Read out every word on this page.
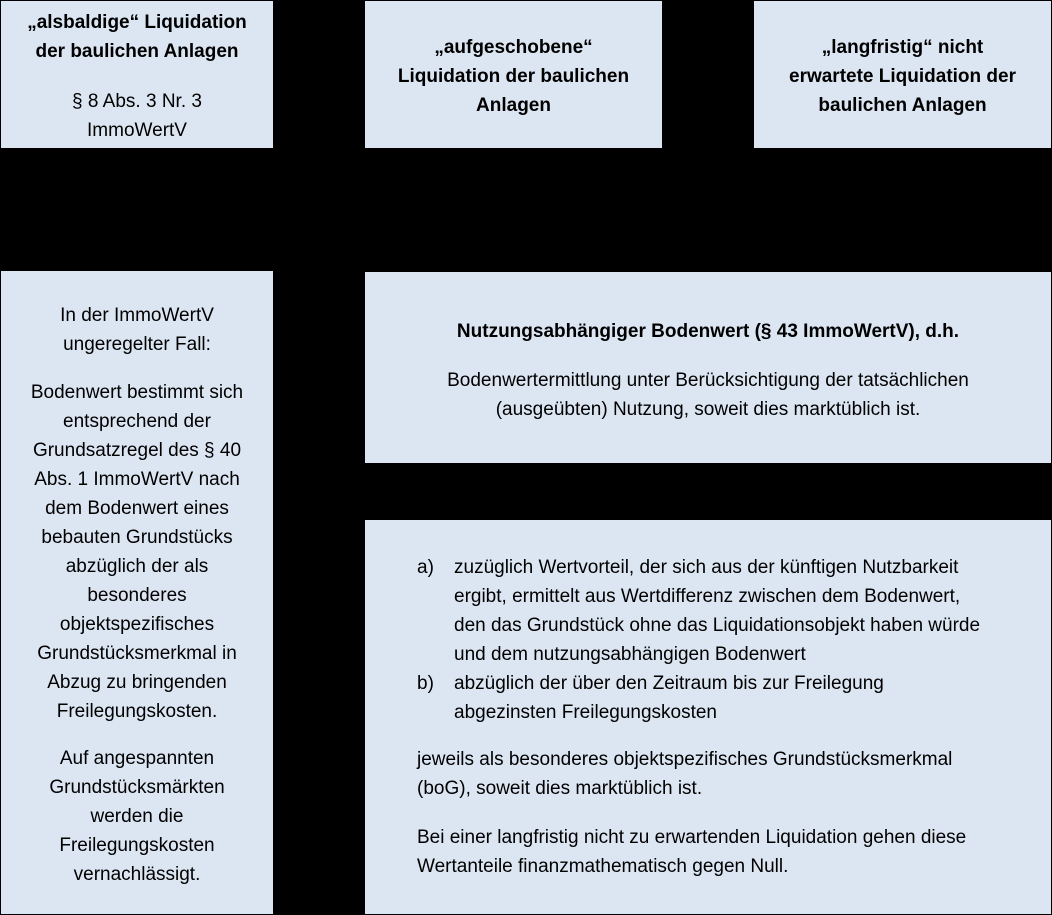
„alsbaldige“ Liquidation

der baulichen Anlagen

§ 8 Abs. 3 Nr. 3

ImmoWertV

„aufgeschobene“

Liquidation der baulichen

Anlagen

„langfristig“ nicht

erwartete Liquidation der

baulichen Anlagen

In der ImmoWertV

ungeregelter Fall:

Bodenwert bestimmt sich

entsprechend der

Grundsatzregel des § 40

Abs. 1 ImmoWertV nach

dem Bodenwert eines

bebauten Grundstücks

abzüglich der als

besonderes

objektspezifisches

Grundstücksmerkmal in

Abzug zu bringenden

Freilegungskosten.

Auf angespannten

Grundstücksmärkten

werden die

Freilegungskosten

vernachlässigt.

Nutzungsabhängiger Bodenwert (§ 43 ImmoWertV), d.h.

Bodenwertermittlung unter Berücksichtigung der tatsächlichen

(ausgeübten) Nutzung, soweit dies marktüblich ist.

a) zuzüglich Wertvorteil, der sich aus der künftigen Nutzbarkeit

ergibt, ermittelt aus Wertdifferenz zwischen dem Bodenwert,

den das Grundstück ohne das Liquidationsobjekt haben würde

und dem nutzungsabhängigen Bodenwert

b) abzüglich der über den Zeitraum bis zur Freilegung

abgezinsten Freilegungskosten

jeweils als besonderes objektspezifisches Grundstücksmerkmal

(boG), soweit dies marktüblich ist.

Bei einer langfristig nicht zu erwartenden Liquidation gehen diese

Wertanteile finanzmathematisch gegen Null.
